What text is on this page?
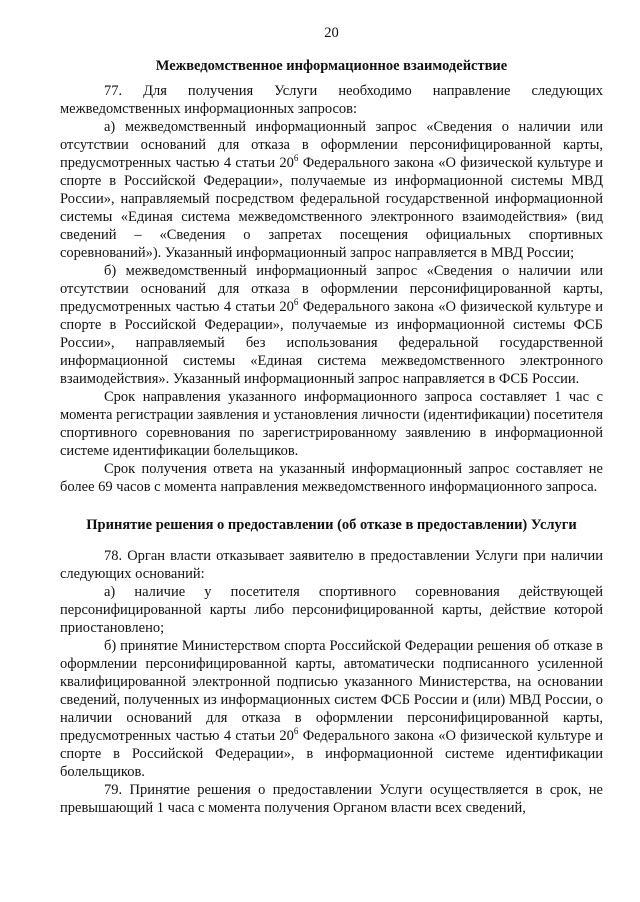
20
Межведомственное информационное взаимодействие

77. Для получения Услуги необходимо направление следующих межведомственных информационных запросов:

а) межведомственный информационный запрос «Сведения о наличии или отсутствии оснований для отказа в оформлении персонифицированной карты, предусмотренных частью 4 статьи $20^6$ Федерального закона «О физической культуре и спорте в Российской Федерации», получаемые из информационной системы МВД России», направляемый посредством федеральной государственной информационной системы «Единая система межведомственного электронного взаимодействия» (вид сведений – «Сведения о запретах посещения официальных спортивных соревнований»). Указанный информационный запрос направляется в МВД России;

б) межведомственный информационный запрос «Сведения о наличии или отсутствии оснований для отказа в оформлении персонифицированной карты, предусмотренных частью 4 статьи $20^6$ Федерального закона «О физической культуре и спорте в Российской Федерации», получаемые из информационной системы ФСБ России», направляемый без использования федеральной государственной информационной системы «Единая система межведомственного электронного взаимодействия». Указанный информационный запрос направляется в ФСБ России.

Срок направления указанного информационного запроса составляет 1 час с момента регистрации заявления и установления личности (идентификации) посетителя спортивного соревнования по зарегистрированному заявлению в информационной системе идентификации болельщиков.

Срок получения ответа на указанный информационный запрос составляет не более 69 часов с момента направления межведомственного информационного запроса.

Принятие решения о предоставлении (об отказе в предоставлении) Услуги

78. Орган власти отказывает заявителю в предоставлении Услуги при наличии следующих оснований:

а) наличие у посетителя спортивного соревнования действующей персонифицированной карты либо персонифицированной карты, действие которой приостановлено;

б) принятие Министерством спорта Российской Федерации решения об отказе в оформлении персонифицированной карты, автоматически подписанного усиленной квалифицированной электронной подписью указанного Министерства, на основании сведений, полученных из информационных систем ФСБ России и (или) МВД России, о наличии оснований для отказа в оформлении персонифицированной карты, предусмотренных частью 4 статьи $20^6$ Федерального закона «О физической культуре и спорте в Российской Федерации», в информационной системе идентификации болельщиков.

79. Принятие решения о предоставлении Услуги осуществляется в срок, не превышающий 1 часа с момента получения Органом власти всех сведений,
